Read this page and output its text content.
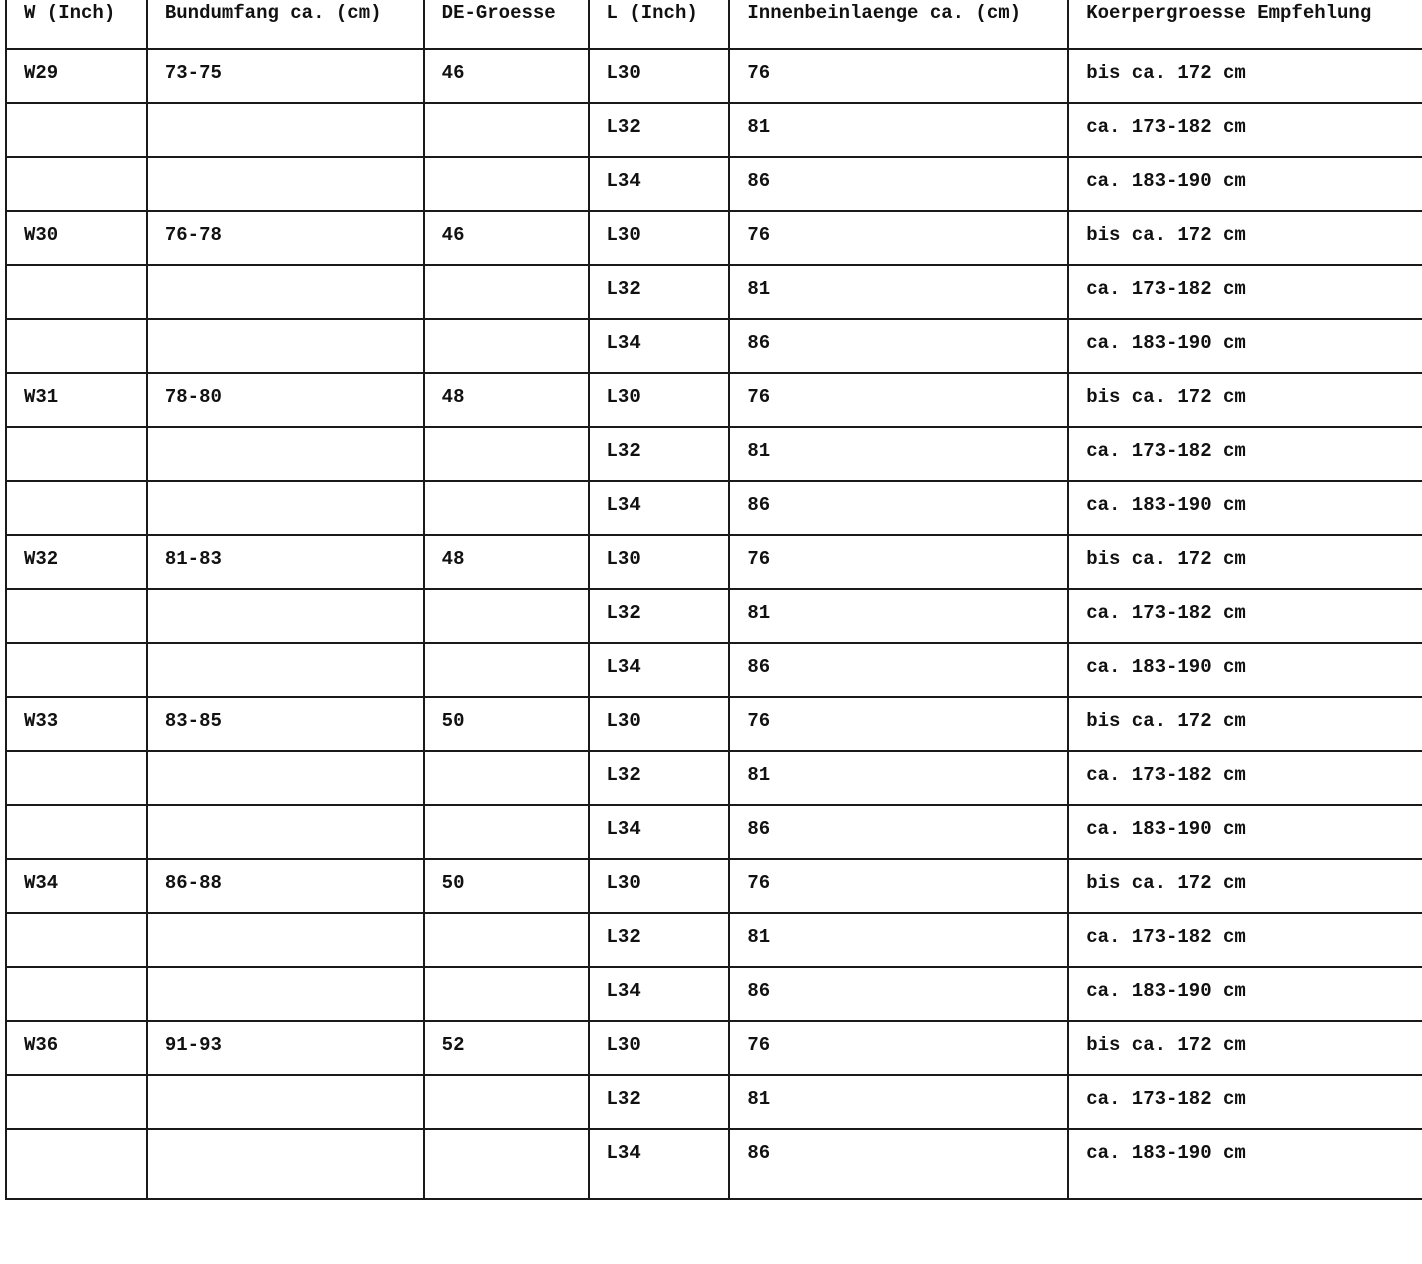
W (Inch)	Bundumfang ca. (cm)	DE-Groesse	L (Inch)	Innenbeinlaenge ca. (cm)	Koerpergroesse Empfehlung
W29	73-75	46	L30	76	bis ca. 172 cm
			L32	81	ca. 173-182 cm
			L34	86	ca. 183-190 cm
W30	76-78	46	L30	76	bis ca. 172 cm
			L32	81	ca. 173-182 cm
			L34	86	ca. 183-190 cm
W31	78-80	48	L30	76	bis ca. 172 cm
			L32	81	ca. 173-182 cm
			L34	86	ca. 183-190 cm
W32	81-83	48	L30	76	bis ca. 172 cm
			L32	81	ca. 173-182 cm
			L34	86	ca. 183-190 cm
W33	83-85	50	L30	76	bis ca. 172 cm
			L32	81	ca. 173-182 cm
			L34	86	ca. 183-190 cm
W34	86-88	50	L30	76	bis ca. 172 cm
			L32	81	ca. 173-182 cm
			L34	86	ca. 183-190 cm
W36	91-93	52	L30	76	bis ca. 172 cm
			L32	81	ca. 173-182 cm
			L34	86	ca. 183-190 cm
